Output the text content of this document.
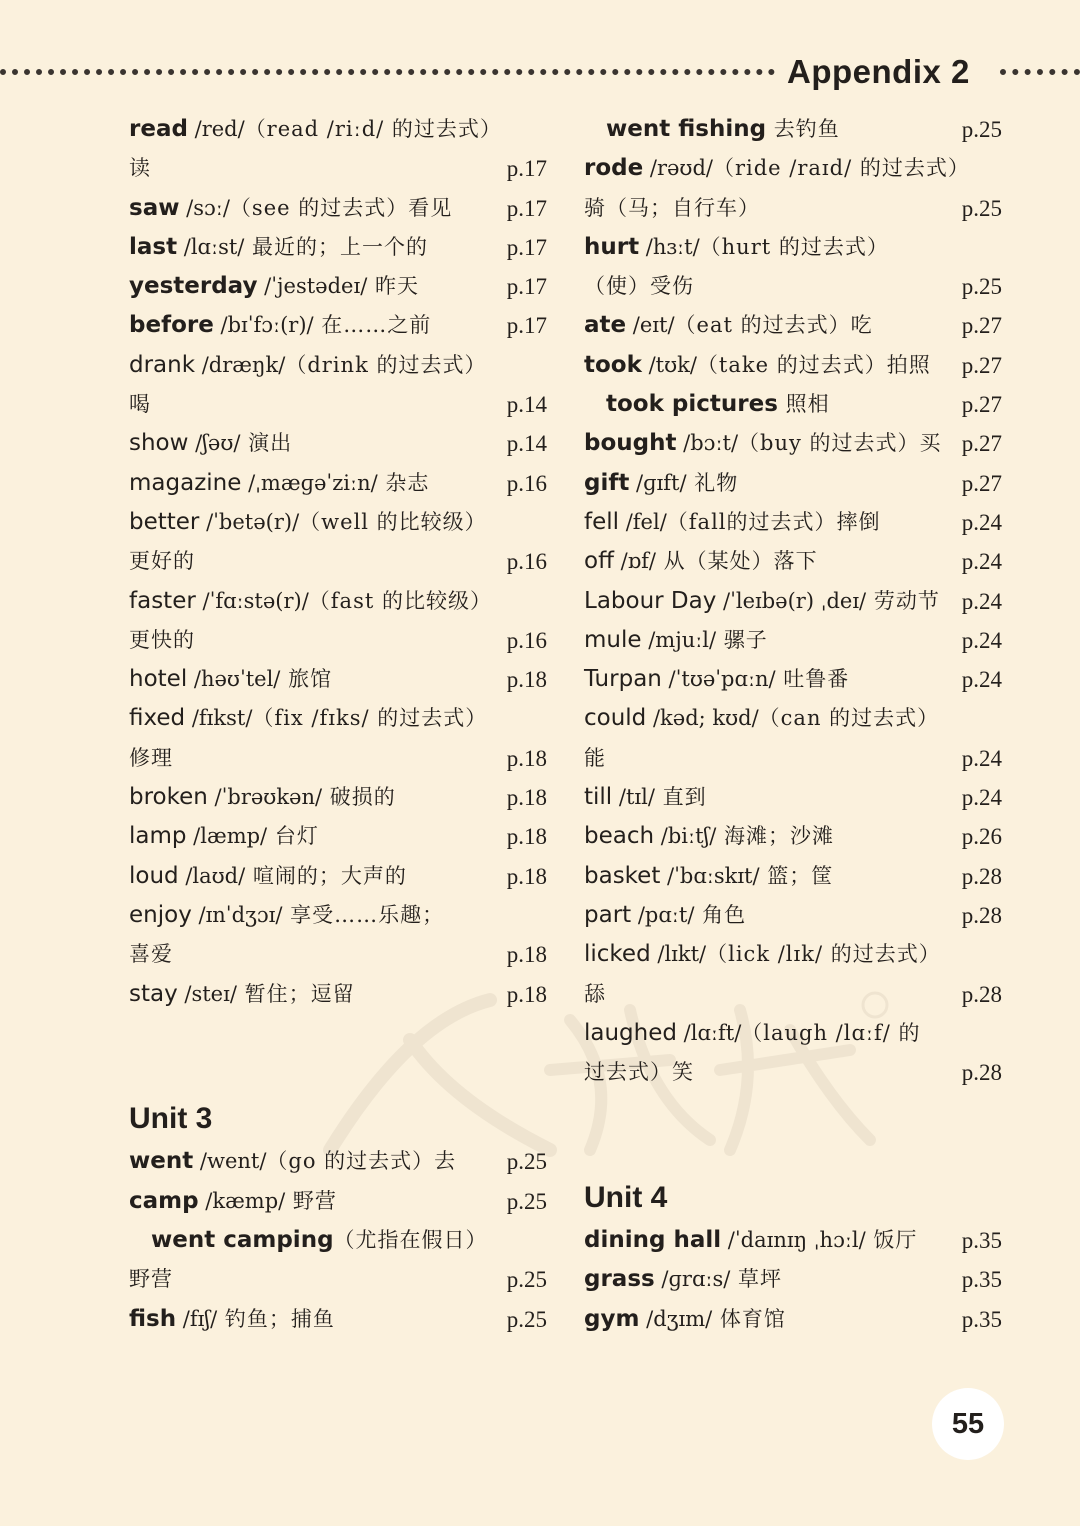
Appendix 2
read /red/（read /riːd/ 的过去式）
读	p.17
saw /sɔː/（see 的过去式）看见 p.17
last /lɑːst/ 最近的；上一个的	p.17
yesterday /ˈjestədeɪ/ 昨天	p.17
before /bɪˈfɔː(r)/ 在……之前	p.17
drank /dræŋk/（drink 的过去式）
喝	p.14
show /ʃəʊ/ 演出	p.14
magazine /ˌmæɡəˈziːn/ 杂志	p.16
better /ˈbetə(r)/（well 的比较级）
更好的	p.16
faster /ˈfɑːstə(r)/（fast 的比较级）
更快的	p.16
hotel /həʊˈtel/ 旅馆	p.18
fixed /fɪkst/（fix /fɪks/ 的过去式）
修理	p.18
broken /ˈbrəʊkən/ 破损的	p.18
lamp /læmp/ 台灯	p.18
loud /laʊd/ 喧闹的；大声的	p.18
enjoy /ɪnˈdʒɔɪ/ 享受……乐趣；
喜爱	p.18
stay /steɪ/ 暂住；逗留	p.18
Unit 3
went /went/（go 的过去式）去 p.25
camp /kæmp/ 野营	p.25
went camping（尤指在假日）
野营	p.25
fish /fɪʃ/ 钓鱼；捕鱼	p.25
went fishing 去钓鱼	p.25
rode /rəʊd/（ride /raɪd/ 的过去式）
骑（马；自行车）	p.25
hurt /hɜːt/（hurt 的过去式）
（使）受伤	p.25
ate /eɪt/（eat 的过去式）吃	p.27
took /tʊk/（take 的过去式）拍照 p.27
took pictures 照相	p.27
bought /bɔːt/（buy 的过去式）买 p.27
gift /ɡɪft/ 礼物	p.27
fell /fel/（fall的过去式）摔倒	p.24
off /ɒf/ 从（某处）落下	p.24
Labour Day /ˈleɪbə(r) ˌdeɪ/ 劳动节 p.24
mule /mjuːl/ 骡子	p.24
Turpan /ˈtʊəˈpɑːn/ 吐鲁番	p.24
could /kəd; kʊd/（can 的过去式）
能	p.24
till /tɪl/ 直到	p.24
beach /biːtʃ/ 海滩；沙滩	p.26
basket /ˈbɑːskɪt/ 篮；筐	p.28
part /pɑːt/ 角色	p.28
licked /lɪkt/（lick /lɪk/ 的过去式）
舔	p.28
laughed /lɑːft/（laugh /lɑːf/ 的
过去式）笑	p.28
Unit 4
dining hall /ˈdaɪnɪŋ ˌhɔːl/ 饭厅 p.35
grass /ɡrɑːs/ 草坪	p.35
gym /dʒɪm/ 体育馆	p.35
55
